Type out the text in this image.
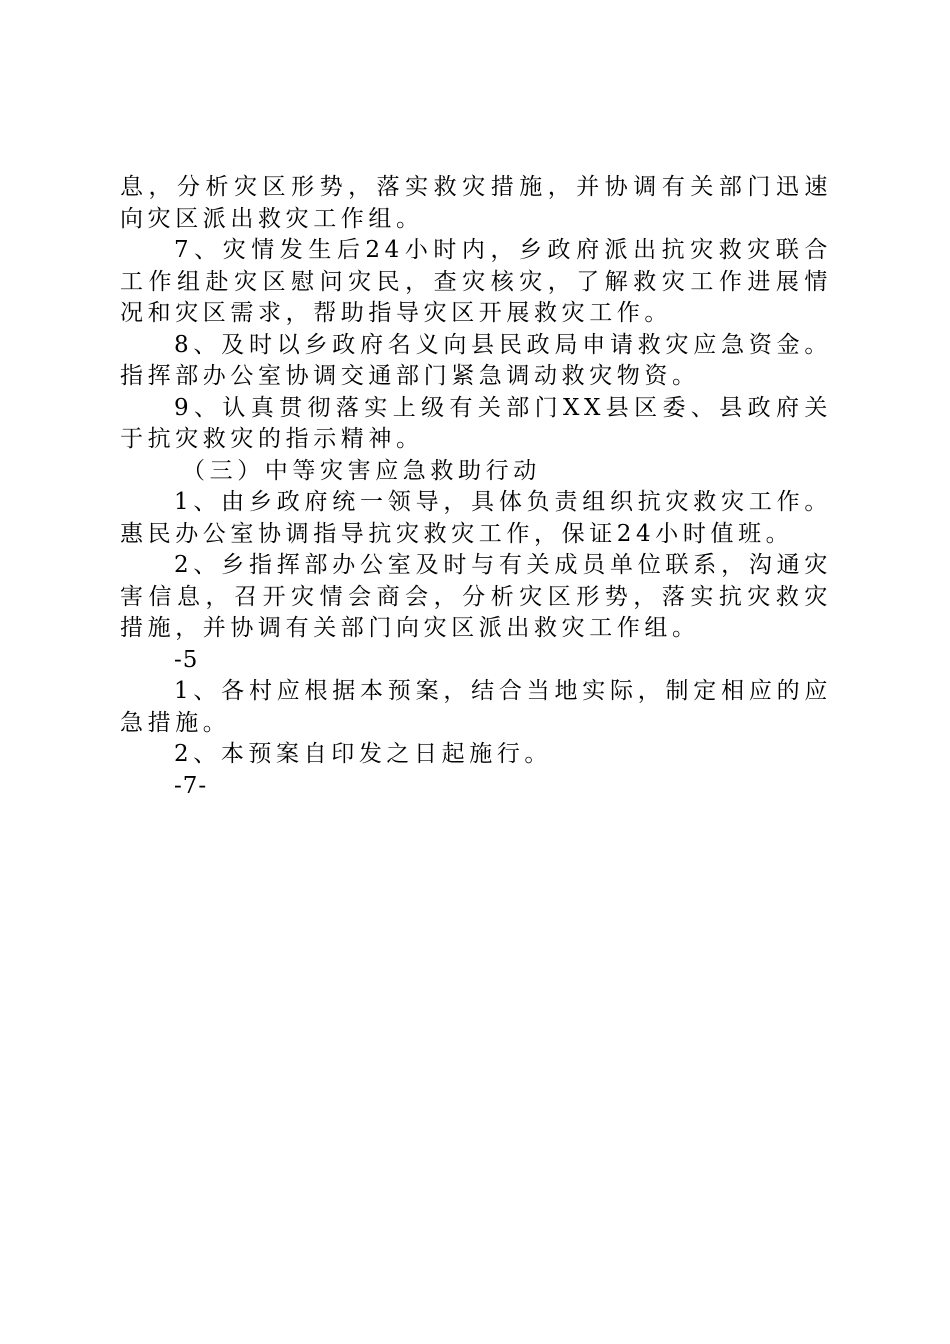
息，分析灾区形势，落实救灾措施，并协调有关部门迅速向灾区派出救灾工作组。

7、灾情发生后24小时内，乡政府派出抗灾救灾联合工作组赴灾区慰问灾民，查灾核灾，了解救灾工作进展情况和灾区需求，帮助指导灾区开展救灾工作。

8、及时以乡政府名义向县民政局申请救灾应急资金。指挥部办公室协调交通部门紧急调动救灾物资。

9、认真贯彻落实上级有关部门XX县区委、县政府关于抗灾救灾的指示精神。

（三）中等灾害应急救助行动

1、由乡政府统一领导，具体负责组织抗灾救灾工作。惠民办公室协调指导抗灾救灾工作，保证24小时值班。

2、乡指挥部办公室及时与有关成员单位联系，沟通灾害信息，召开灾情会商会，分析灾区形势，落实抗灾救灾措施，并协调有关部门向灾区派出救灾工作组。

-5

1、各村应根据本预案，结合当地实际，制定相应的应急措施。

2、本预案自印发之日起施行。

-7-
